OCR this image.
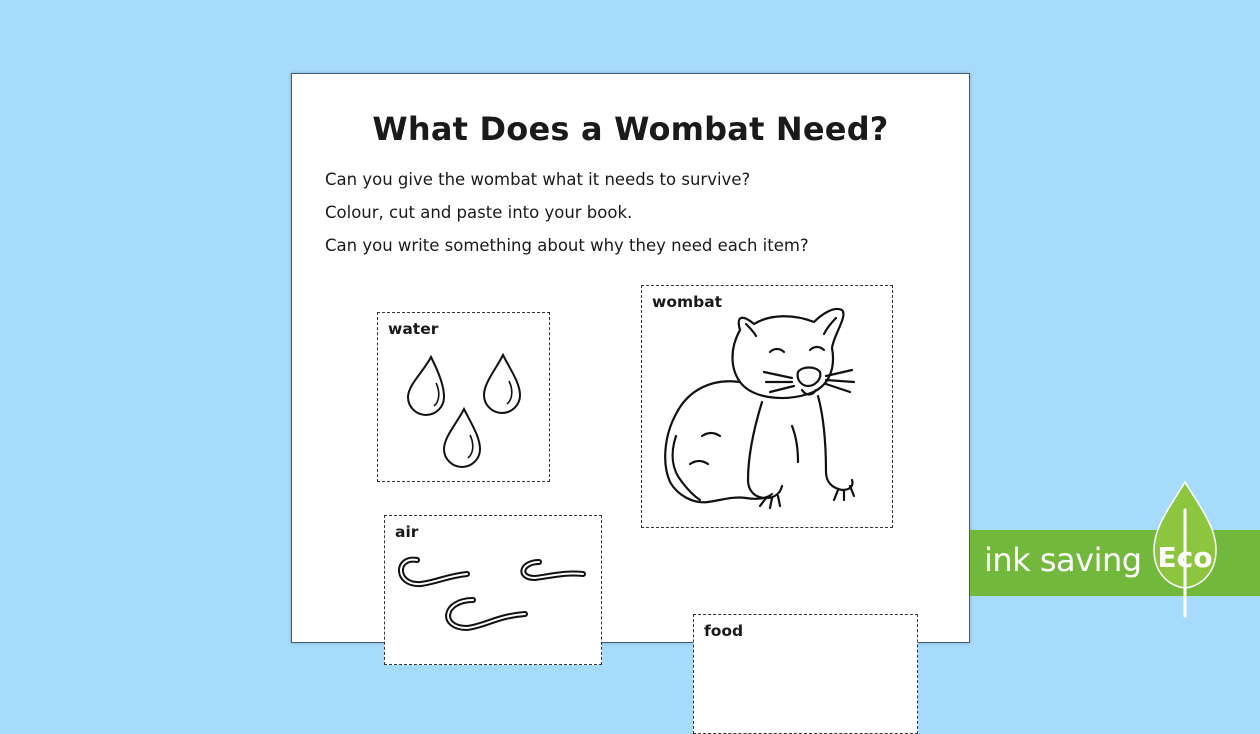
What Does a Wombat Need?
Can you give the wombat what it needs to survive?
Colour, cut and paste into your book.
Can you write something about why they need each item?
water
wombat
air
food
ink saving Eco
